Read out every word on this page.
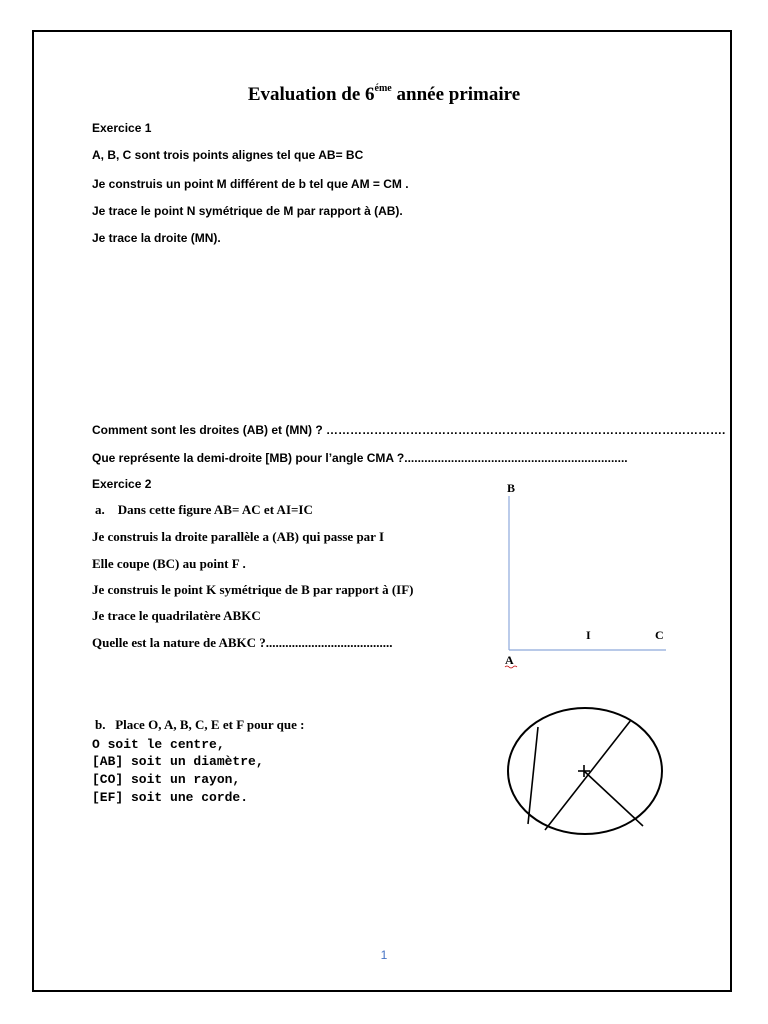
Evaluation de $6^{éme}$ année primaire
Exercice 1
A, B, C sont trois points alignes tel que AB= BC
Je construis un point M différent de b tel que AM = CM .
Je trace le point N symétrique de M par rapport à (AB).
Je trace la droite (MN).
Comment sont les droites (AB) et (MN) ? ……………………………………………………………………………………….
Que représente la demi-droite [MB) pour l’angle CMA ?...................................................................
Exercice 2
a. Dans cette figure AB= AC et AI=IC
Je construis la droite parallèle a (AB) qui passe par I
Elle coupe (BC) au point F .
Je construis le point K symétrique de B par rapport à (IF)
Je trace le quadrilatère ABKC
Quelle est la nature de ABKC ?.......................................
B
I	C
A
b. Place O, A, B, C, E et F pour que :
O soit le centre,
[AB] soit un diamètre,
[CO] soit un rayon,
[EF] soit une corde.
1
